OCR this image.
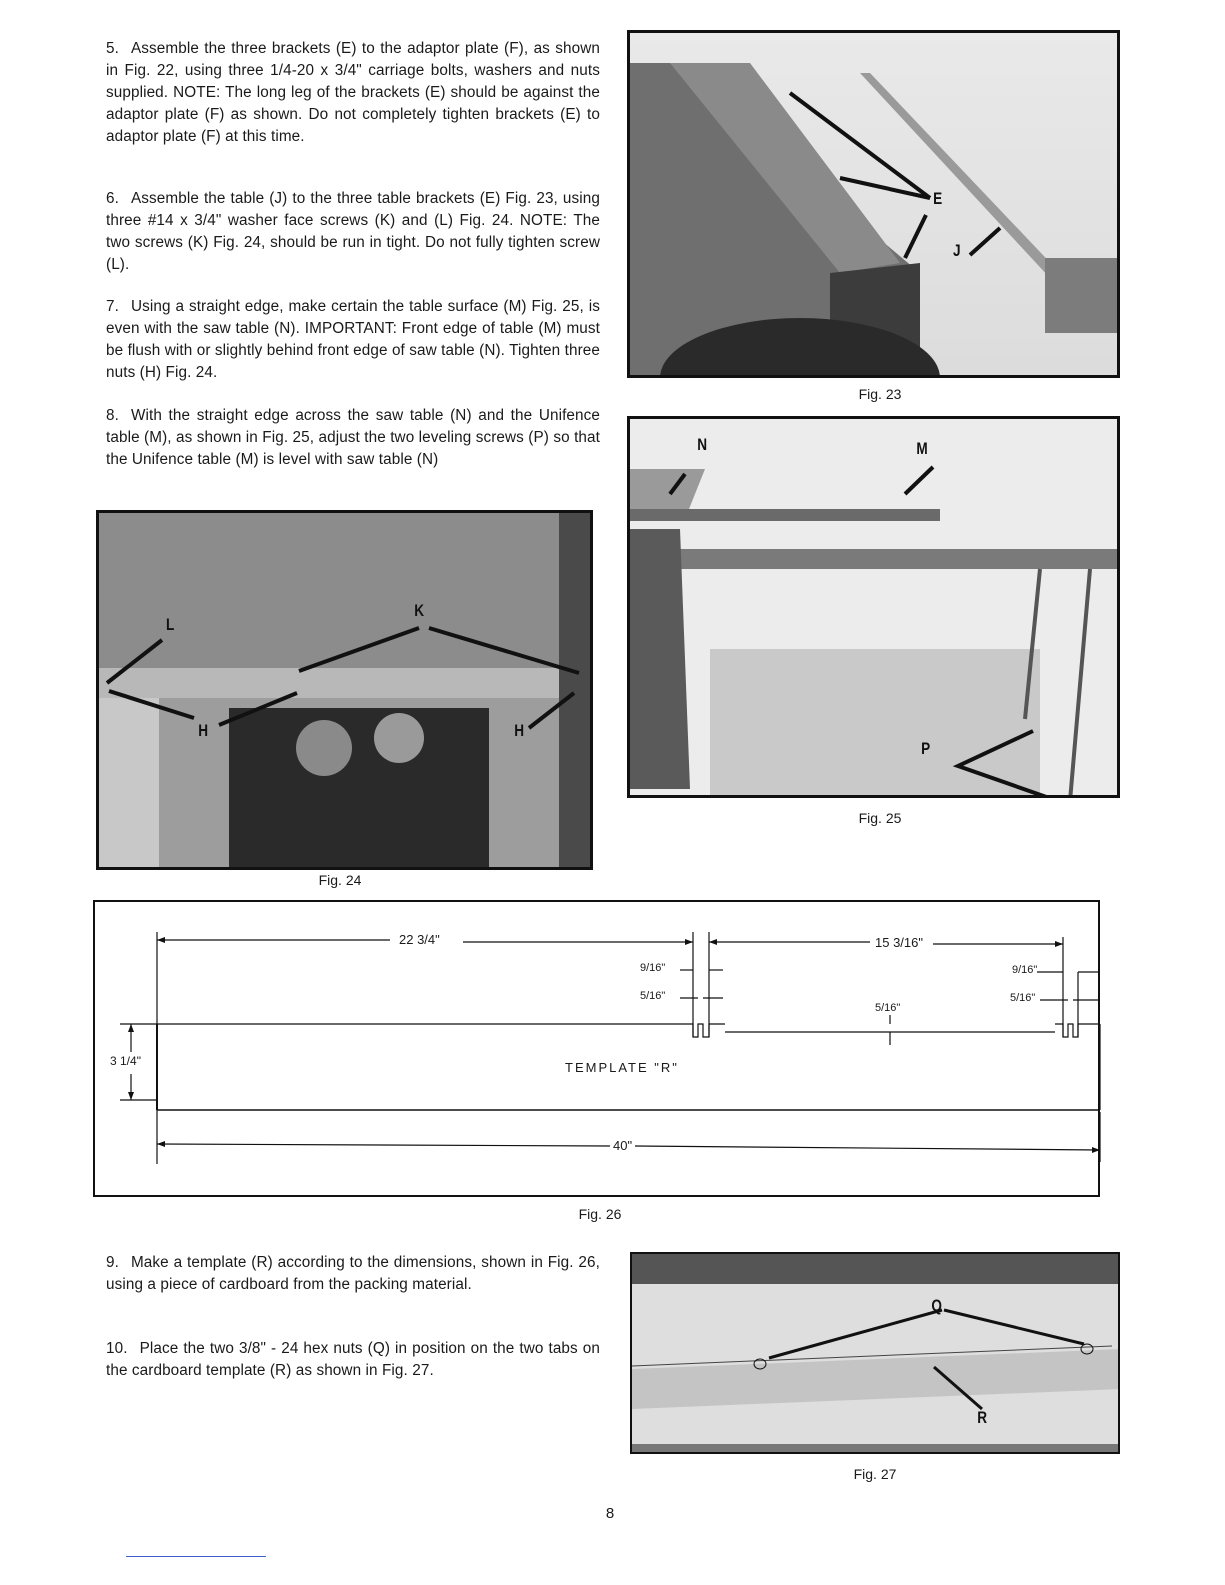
5. Assemble the three brackets (E) to the adaptor plate (F), as shown in Fig. 22, using three 1/4-20 x 3/4" carriage bolts, washers and nuts supplied. NOTE: The long leg of the brackets (E) should be against the adaptor plate (F) as shown. Do not completely tighten brackets (E) to adaptor plate (F) at this time.
6. Assemble the table (J) to the three table brackets (E) Fig. 23, using three #14 x 3/4" washer face screws (K) and (L) Fig. 24. NOTE: The two screws (K) Fig. 24, should be run in tight. Do not fully tighten screw (L).
7. Using a straight edge, make certain the table surface (M) Fig. 25, is even with the saw table (N). IMPORTANT: Front edge of table (M) must be flush with or slightly behind front edge of saw table (N). Tighten three nuts (H) Fig. 24.
8. With the straight edge across the saw table (N) and the Unifence table (M), as shown in Fig. 25, adjust the two leveling screws (P) so that the Unifence table (M) is level with saw table (N)
E
J
Fig. 23
N	M
P
Fig. 25
L
K
H	H
Fig. 24
22 3/4"	15 3/16"
9/16"
5/16"
9/16"
5/16"
5/16"
3 1/4"
40"
TEMPLATE "R"
Fig. 26
9. Make a template (R) according to the dimensions, shown in Fig. 26, using a piece of cardboard from the packing material.
10. Place the two 3/8" - 24 hex nuts (Q) in position on the two tabs on the cardboard template (R) as shown in Fig. 27.
Q
R
Fig. 27
8
